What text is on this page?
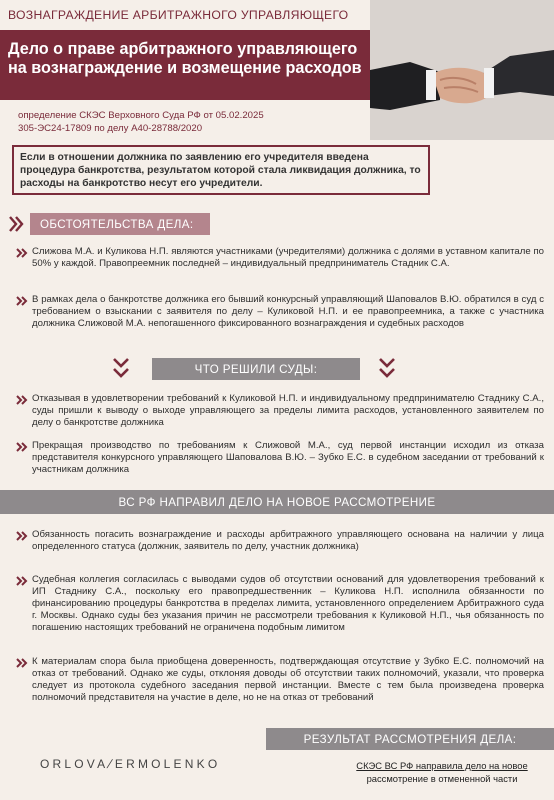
ВОЗНАГРАЖДЕНИЕ АРБИТРАЖНОГО УПРАВЛЯЮЩЕГО
Дело о праве арбитражного управляющего на вознаграждение и возмещение расходов
определение СКЭС Верховного Суда РФ от 05.02.2025
305-ЭС24-17809 по делу А40-28788/2020
Если в отношении должника по заявлению его учредителя введена процедура банкротства, результатом которой стала ликвидация должника, то расходы на банкротство несут его учредители.
ОБСТОЯТЕЛЬСТВА ДЕЛА:
Слижова М.А. и Куликова Н.П. являются участниками (учредителями) должника с долями в уставном капитале по 50% у каждой. Правопреемник последней – индивидуальный предприниматель Стадник С.А.
В рамках дела о банкротстве должника его бывший конкурсный управляющий Шаповалов В.Ю. обратился в суд с требованием о взыскании с заявителя по делу – Куликовой Н.П. и ее правопреемника, а также с участника должника Слижовой М.А. непогашенного фиксированного вознаграждения и судебных расходов
ЧТО РЕШИЛИ СУДЫ:
Отказывая в удовлетворении требований к Куликовой Н.П. и индивидуальному предпринимателю Стаднику С.А., суды пришли к выводу о выходе управляющего за пределы лимита расходов, установленного заявителем по делу о банкротстве должника
Прекращая производство по требованиям к Слижовой М.А., суд первой инстанции исходил из отказа представителя конкурсного управляющего Шаповалова В.Ю. – Зубко Е.С. в судебном заседании от требований к участникам должника
ВС РФ НАПРАВИЛ ДЕЛО НА НОВОЕ РАССМОТРЕНИЕ
Обязанность погасить вознаграждение и расходы арбитражного управляющего основана на наличии у лица определенного статуса (должник, заявитель по делу, участник должника)
Судебная коллегия согласилась с выводами судов об отсутствии оснований для удовлетворения требований к ИП Стаднику С.А., поскольку его правопредшественник – Куликова Н.П. исполнила обязанности по финансированию процедуры банкротства в пределах лимита, установленного определением Арбитражного суда г. Москвы. Однако суды без указания причин не рассмотрели требования к Куликовой Н.П., чья обязанность по погашению настоящих требований не ограничена подобным лимитом
К материалам спора была приобщена доверенность, подтверждающая отсутствие у Зубко Е.С. полномочий на отказ от требований. Однако же суды, отклоняя доводы об отсутствии таких полномочий, указали, что проверка следует из протокола судебного заседания первой инстанции. Вместе с тем была произведена проверка полномочий представителя на участие в деле, но не на отказ от требований
РЕЗУЛЬТАТ РАССМОТРЕНИЯ ДЕЛА:
ORLOVA/ERMOLENKO	СКЭС ВС РФ направила дело на новое
рассмотрение в отмененной части
